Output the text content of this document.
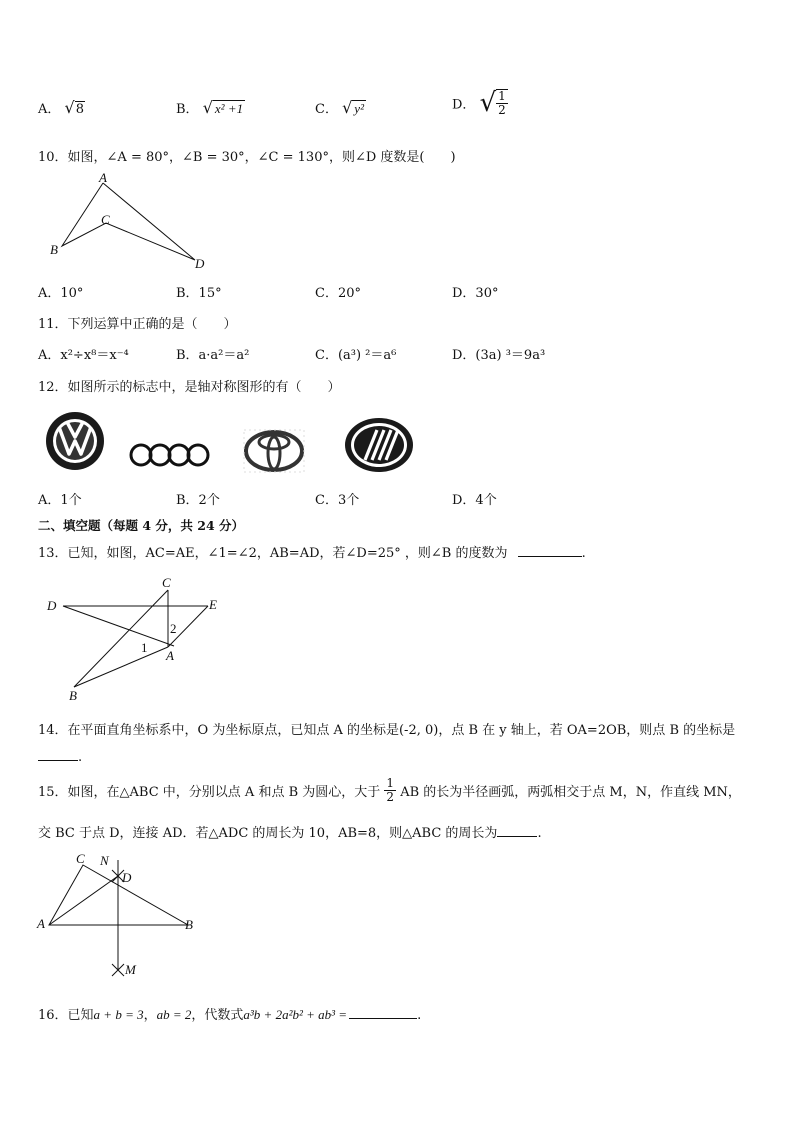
A． √8	B． √ x² +1	C． √ y²	D． √ $\frac{1}{2}$
10．如图，∠A = 80°，∠B = 30°，∠C = 130°，则∠D 度数是(　　)
A
B
C
D
A．10°	B．15°	C．20°	D．30°
11．下列运算中正确的是（　　）
A．x²÷x⁸＝x⁻⁴	B．a·a²＝a²	C．(a³) ²＝a⁶	D．(3a) ³＝9a³
12．如图所示的标志中，是轴对称图形的有（　　）
A．1个	B．2个	C．3个	D．4个
二、填空题（每题 4 分，共 24 分）
13．已知，如图，AC=AE，∠1=∠2，AB=AD，若∠D=25° ，则∠B 的度数为	.
C
D	E
A
B
1
2
14．在平面直角坐标系中，O 为坐标原点，已知点 A 的坐标是(-2, 0)，点 B 在 y 轴上，若 OA=2OB，则点 B 的坐标是
.
15．如图，在△ABC 中，分别以点 A 和点 B 为圆心，大于 $\frac{1}{2}$ AB 的长为半径画弧，两弧相交于点 M，N，作直线 MN，
交 BC 于点 D，连接 AD．若△ADC 的周长为 10，AB=8，则△ABC 的周长为	.
C N
D
A	B
M
16．已知a + b = 3，ab = 2，代数式a³b + 2a²b² + ab³ =	.
